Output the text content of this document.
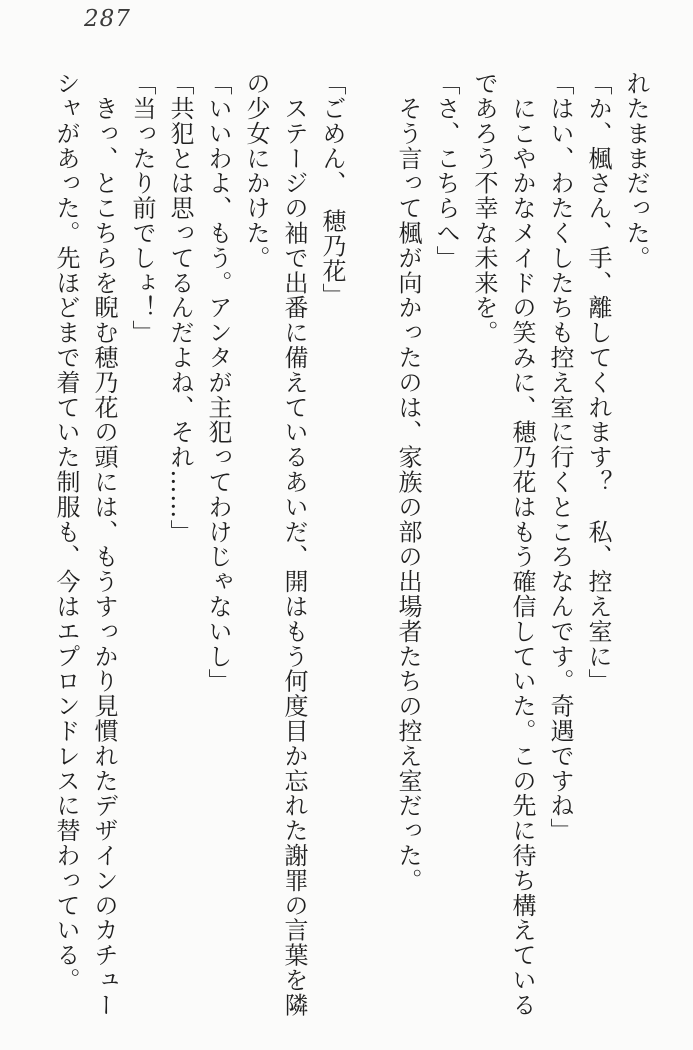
287

れたままだった。

「か、楓さん、手、離してくれます？　私、控え室に」

「はい、わたくしたちも控え室に行くところなんです。奇遇ですね」

　にこやかなメイドの笑みに、穂乃花はもう確信していた。この先に待ち構えているであろう不幸な未来を。

「さ、こちらへ」

　そう言って楓が向かったのは、家族の部の出場者たちの控え室だった。

「ごめん、　穂乃花」

　ステージの袖で出番に備えているあいだ、開はもう何度目か忘れた謝罪の言葉を隣の少女にかけた。

「いいわよ、もう。アンタが主犯ってわけじゃないし」

「共犯とは思ってるんだよね、それ……」

「当ったり前でしょ！」

　きっ、とこちらを睨む穂乃花の頭には、もうすっかり見慣れたデザインのカチューシャがあった。先ほどまで着ていた制服も、今はエプロンドレスに替わっている。
